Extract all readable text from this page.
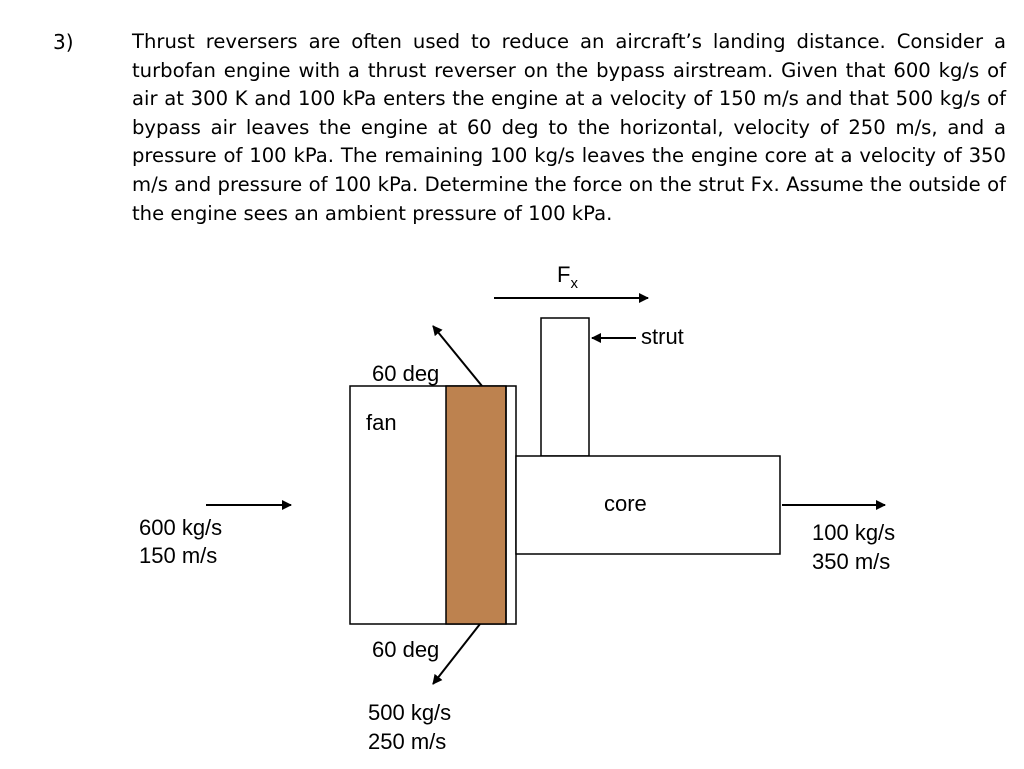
3)	Thrust reversers are often used to reduce an aircraft’s landing distance. Consider a turbofan engine with a thrust reverser on the bypass airstream. Given that 600 kg/s of air at 300 K and 100 kPa enters the engine at a velocity of 150 m/s and that 500 kg/s of bypass air leaves the engine at 60 deg to the horizontal, velocity of 250 m/s, and a pressure of 100 kPa. The remaining 100 kg/s leaves the engine core at a velocity of 350 m/s and pressure of 100 kPa. Determine the force on the strut Fx. Assume the outside of the engine sees an ambient pressure of 100 kPa.

$F_x$
strut
60 deg
fan
core
600 kg/s
150 m/s
100 kg/s
350 m/s
60 deg
500 kg/s
250 m/s
